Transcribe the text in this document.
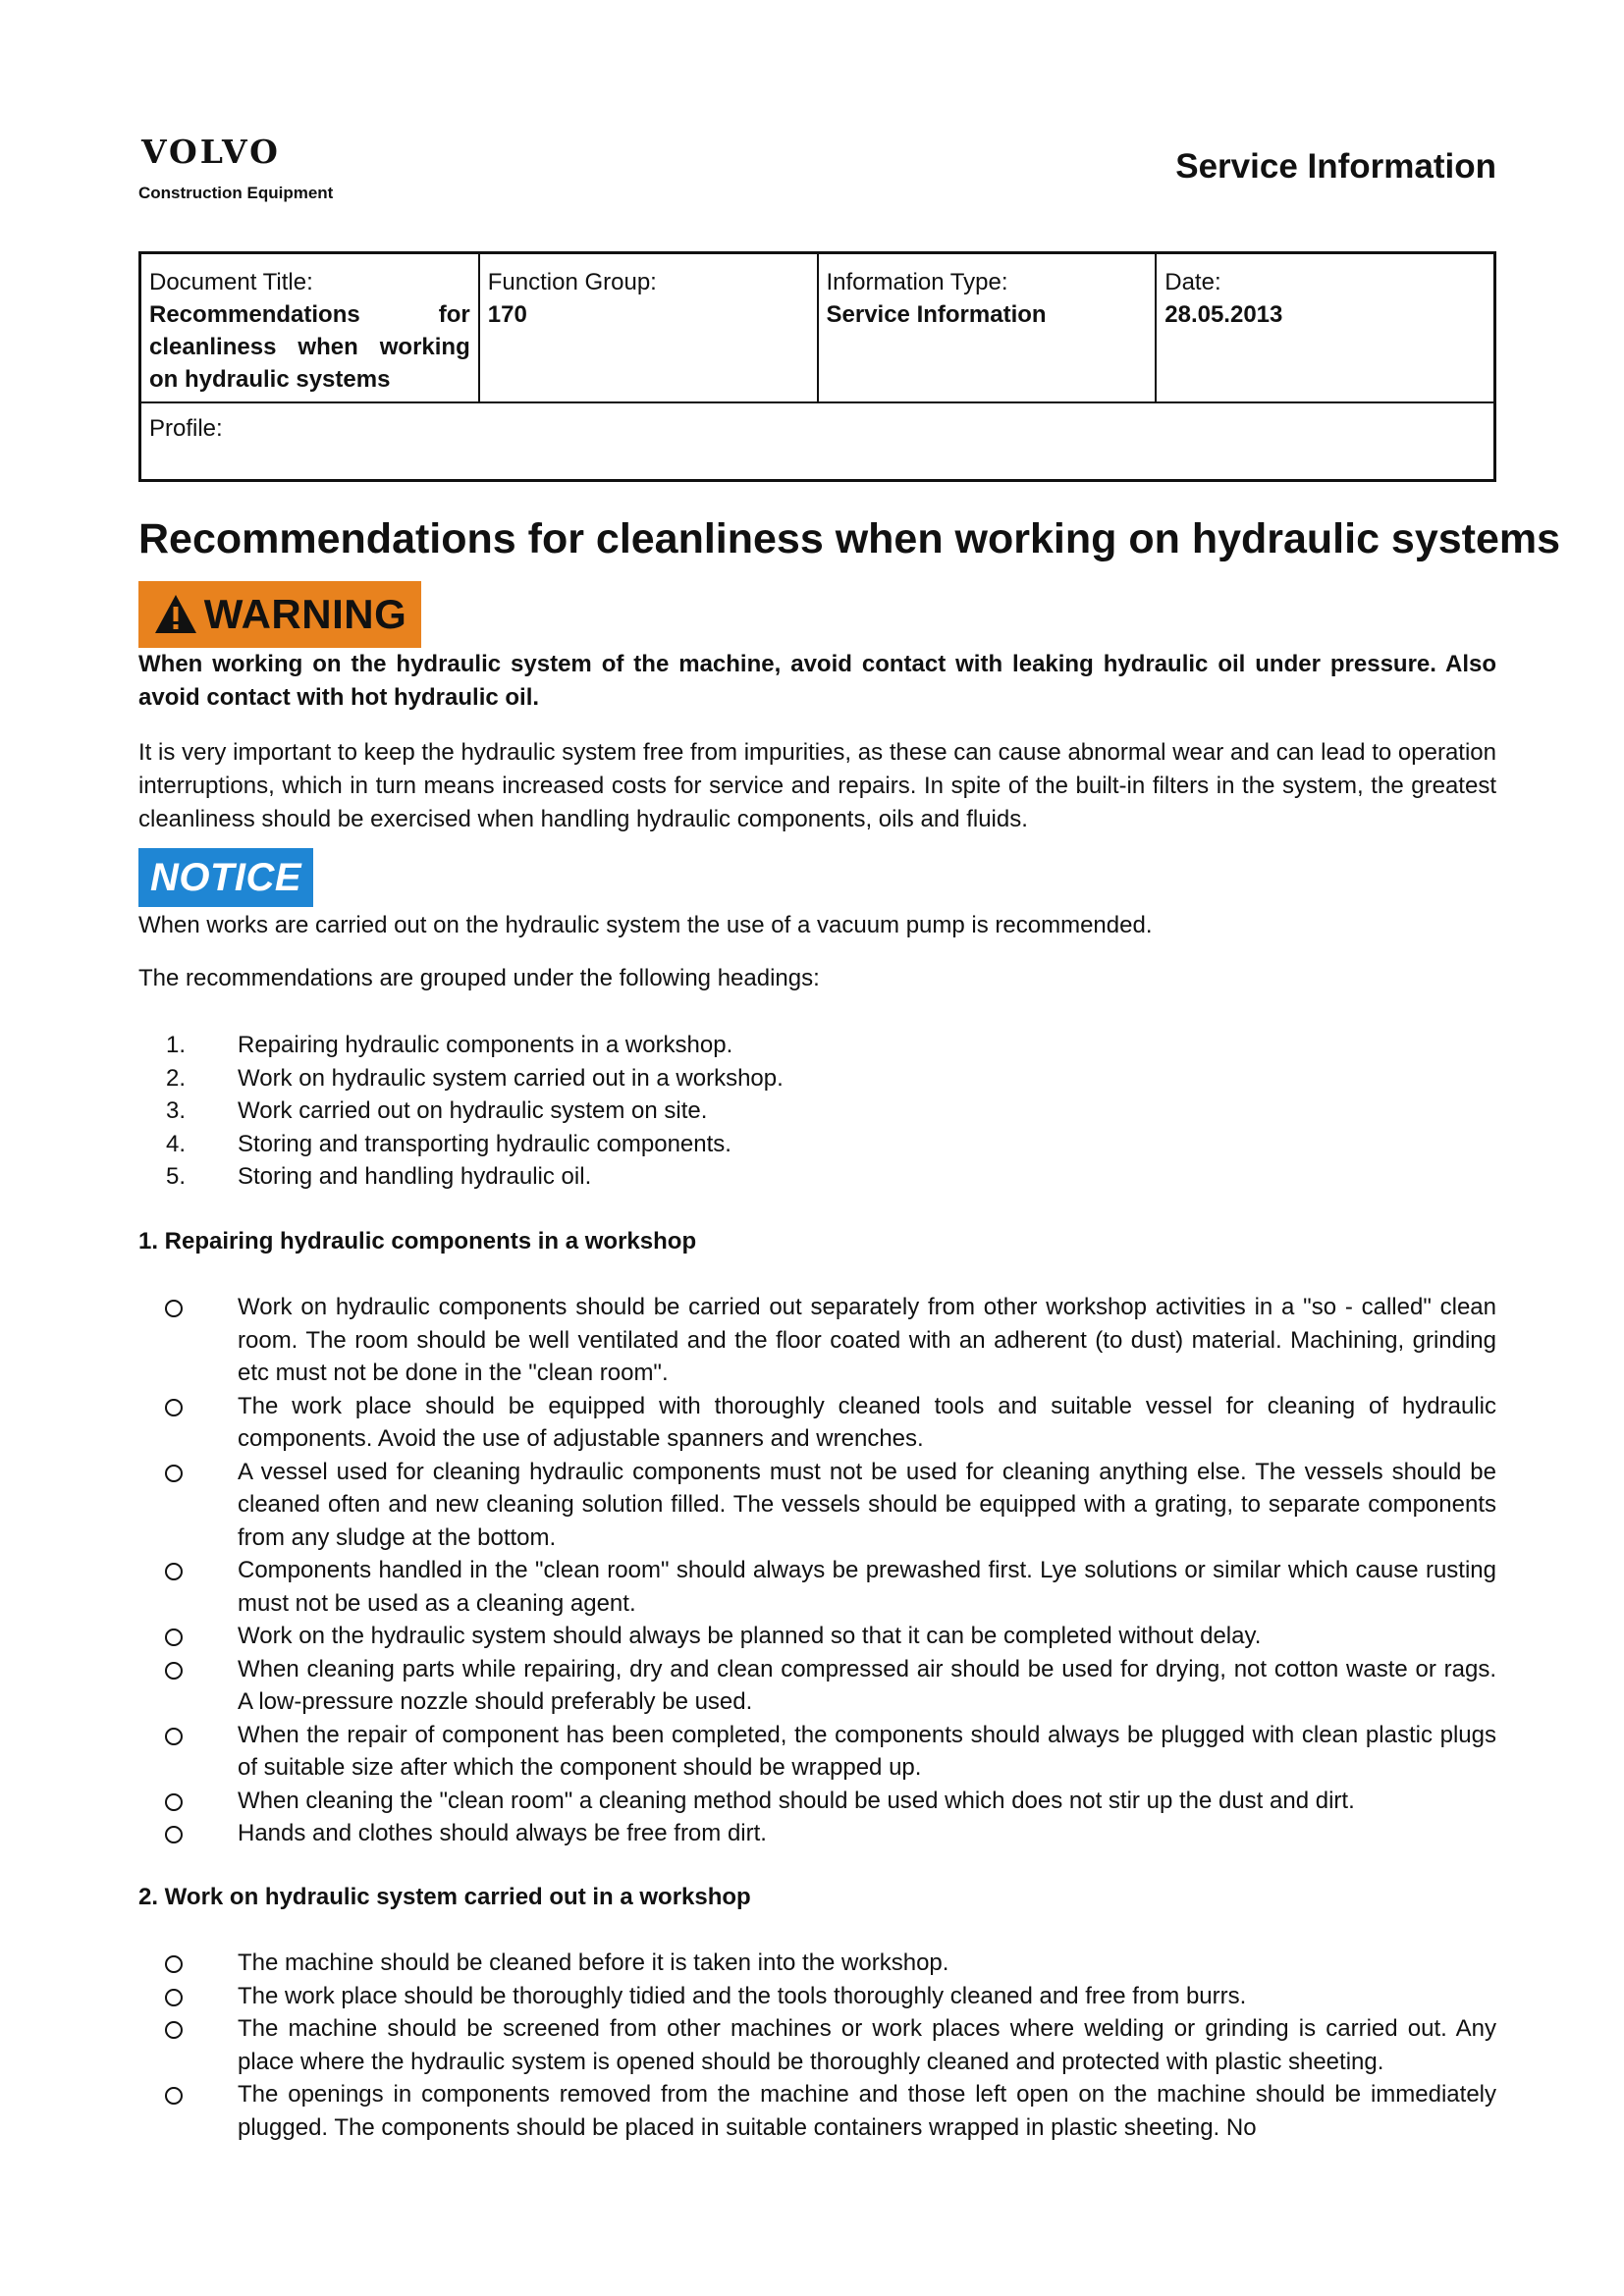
VOLVO
Construction Equipment
Service Information
Document Title:
Recommendations for cleanliness when working on hydraulic systems
Function Group:
170
Information Type:
Service Information
Date:
28.05.2013
Profile:
Recommendations for cleanliness when working on hydraulic systems
WARNING
When working on the hydraulic system of the machine, avoid contact with leaking hydraulic oil under pressure. Also avoid contact with hot hydraulic oil.
It is very important to keep the hydraulic system free from impurities, as these can cause abnormal wear and can lead to operation interruptions, which in turn means increased costs for service and repairs. In spite of the built-in filters in the system, the greatest cleanliness should be exercised when handling hydraulic components, oils and fluids.
NOTICE
When works are carried out on the hydraulic system the use of a vacuum pump is recommended.
The recommendations are grouped under the following headings:
1. Repairing hydraulic components in a workshop.
2. Work on hydraulic system carried out in a workshop.
3. Work carried out on hydraulic system on site.
4. Storing and transporting hydraulic components.
5. Storing and handling hydraulic oil.
1. Repairing hydraulic components in a workshop
Work on hydraulic components should be carried out separately from other workshop activities in a "so - called" clean room. The room should be well ventilated and the floor coated with an adherent (to dust) material. Machining, grinding etc must not be done in the "clean room".
The work place should be equipped with thoroughly cleaned tools and suitable vessel for cleaning of hydraulic components. Avoid the use of adjustable spanners and wrenches.
A vessel used for cleaning hydraulic components must not be used for cleaning anything else. The vessels should be cleaned often and new cleaning solution filled. The vessels should be equipped with a grating, to separate components from any sludge at the bottom.
Components handled in the "clean room" should always be prewashed first. Lye solutions or similar which cause rusting must not be used as a cleaning agent.
Work on the hydraulic system should always be planned so that it can be completed without delay.
When cleaning parts while repairing, dry and clean compressed air should be used for drying, not cotton waste or rags. A low-pressure nozzle should preferably be used.
When the repair of component has been completed, the components should always be plugged with clean plastic plugs of suitable size after which the component should be wrapped up.
When cleaning the "clean room" a cleaning method should be used which does not stir up the dust and dirt.
Hands and clothes should always be free from dirt.
2. Work on hydraulic system carried out in a workshop
The machine should be cleaned before it is taken into the workshop.
The work place should be thoroughly tidied and the tools thoroughly cleaned and free from burrs.
The machine should be screened from other machines or work places where welding or grinding is carried out. Any place where the hydraulic system is opened should be thoroughly cleaned and protected with plastic sheeting.
The openings in components removed from the machine and those left open on the machine should be immediately plugged. The components should be placed in suitable containers wrapped in plastic sheeting. No
